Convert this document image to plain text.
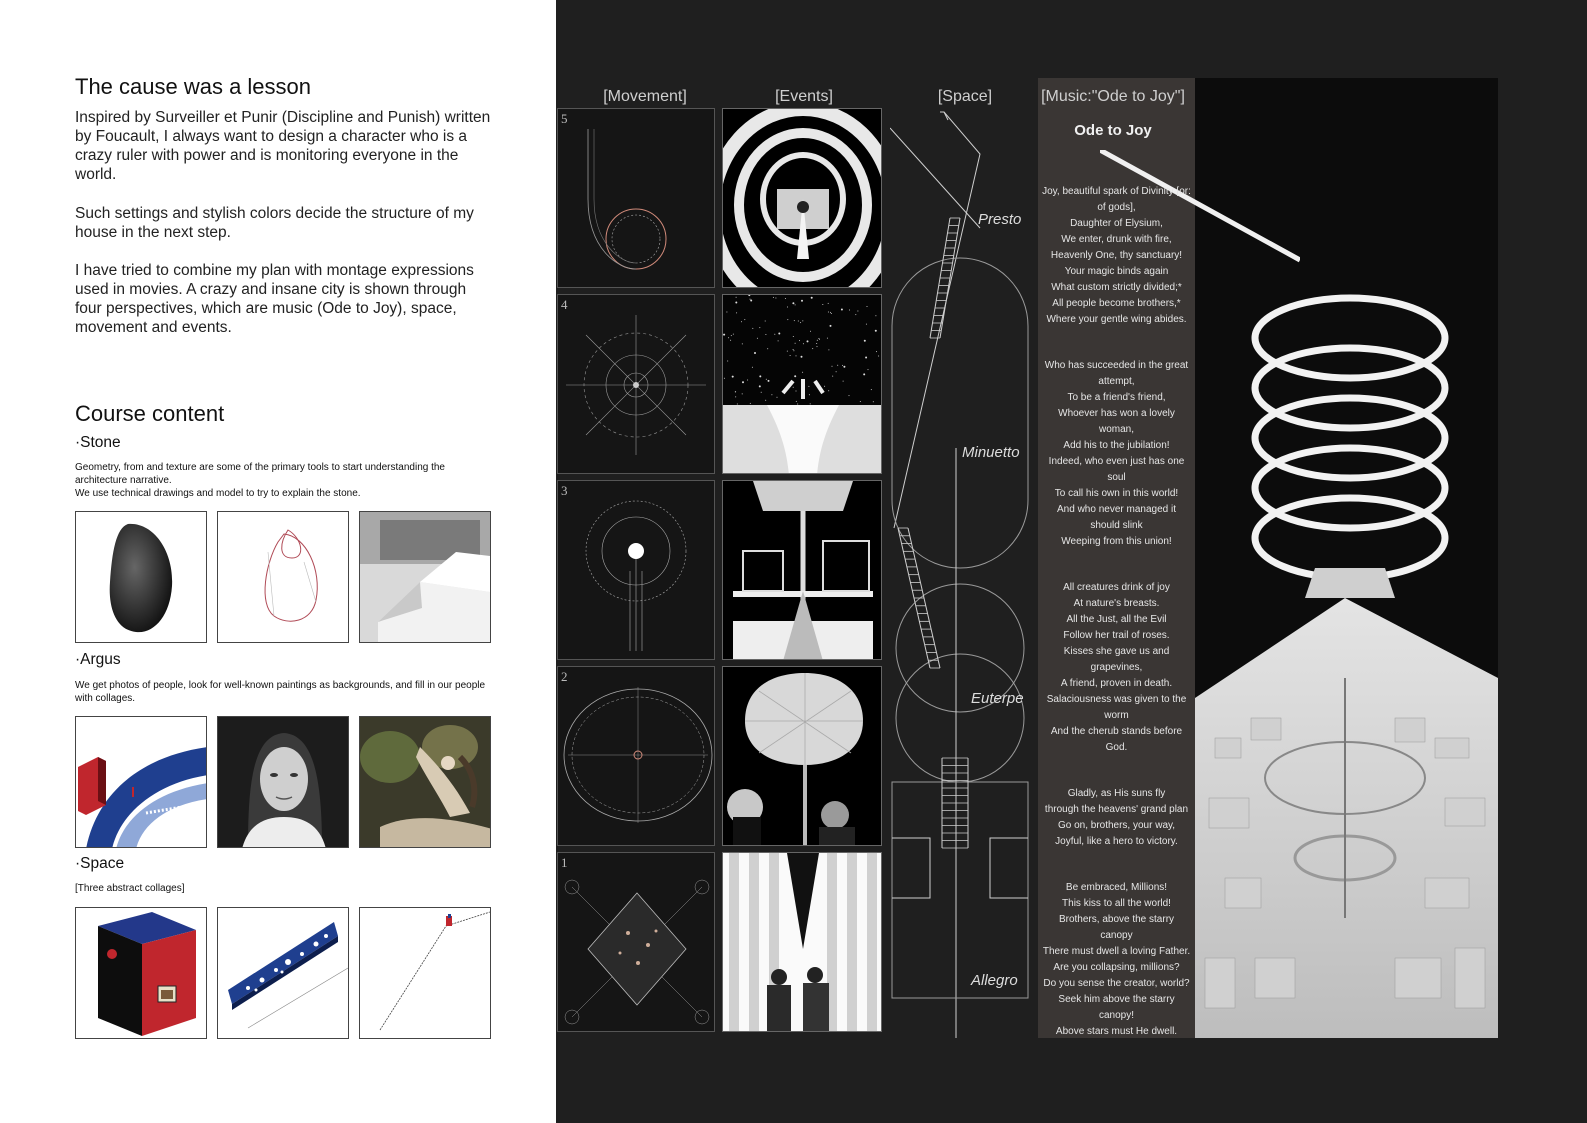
The cause was a lesson

Inspired by Surveiller et Punir (Discipline and Punish) written by Foucault, I always want to design a character who is a crazy ruler with power and is monitoring everyone in the world.

Such settings and stylish colors decide the structure of my house in the next step.

I have tried to combine my plan with montage expressions used in movies. A crazy and insane city is shown through four perspectives, which are music (Ode to Joy), space, movement and events.

Course content
·Stone
Geometry, from and texture are some of the primary tools to start understanding the architecture narrative.
We use technical drawings and model to try to explain the stone.
·Argus
We get photos of people, look for well-known paintings as backgrounds, and fill in our people with collages.
·Space
[Three abstract collages]
[Movement]	[Events]	[Space]	[Music:"Ode to Joy"]
Ode to Joy
Joy, beautiful spark of Divinity [or:
of gods],
Daughter of Elysium,
We enter, drunk with fire,
Heavenly One, thy sanctuary!
Your magic binds again
What custom strictly divided;*
All people become brothers,*
Where your gentle wing abides.
Who has succeeded in the great
attempt,
To be a friend's friend,
Whoever has won a lovely
woman,
Add his to the jubilation!
Indeed, who even just has one
soul
To call his own in this world!
And who never managed it
should slink
Weeping from this union!
All creatures drink of joy
At nature's breasts.
All the Just, all the Evil
Follow her trail of roses.
Kisses she gave us and
grapevines,
A friend, proven in death.
Salaciousness was given to the
worm
And the cherub stands before
God.
Gladly, as His suns fly
through the heavens' grand plan
Go on, brothers, your way,
Joyful, like a hero to victory.
Be embraced, Millions!
This kiss to all the world!
Brothers, above the starry
canopy
There must dwell a loving Father.
Are you collapsing, millions?
Do you sense the creator, world?
Seek him above the starry
canopy!
Above stars must He dwell.
5
4
3
2
1
Presto
Minuetto
Euterpe
Allegro
